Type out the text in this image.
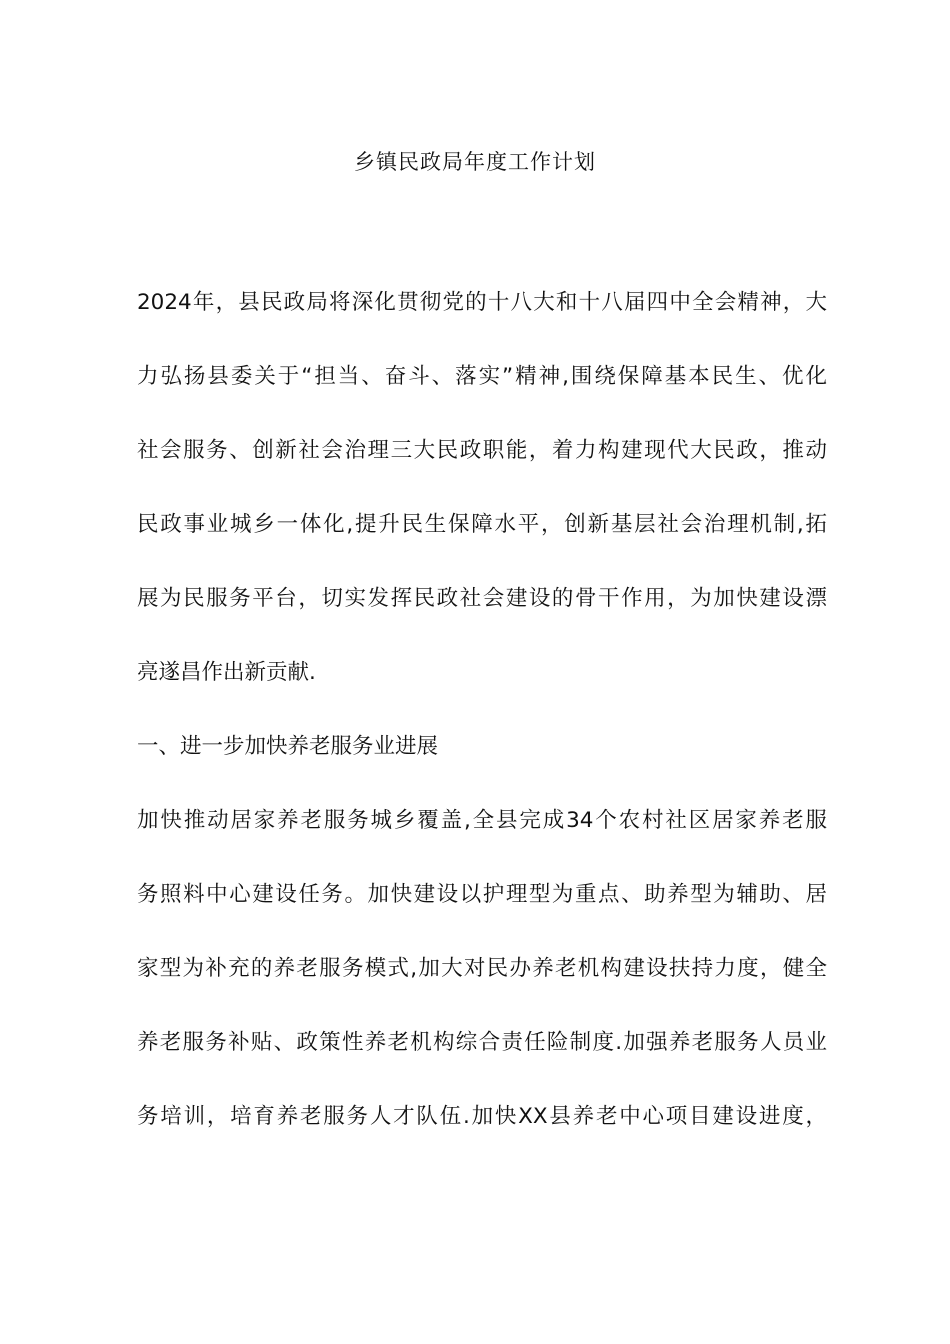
乡镇民政局年度工作计划
2024年，县民政局将深化贯彻党的十八大和十八届四中全会精神，大
力弘扬县委关于“担当、奋斗、落实”精神,围绕保障基本民生、优化
社会服务、创新社会治理三大民政职能，着力构建现代大民政，推动
民政事业城乡一体化,提升民生保障水平，创新基层社会治理机制,拓
展为民服务平台，切实发挥民政社会建设的骨干作用，为加快建设漂
亮遂昌作出新贡献.
一、进一步加快养老服务业进展
加快推动居家养老服务城乡覆盖,全县完成34个农村社区居家养老服
务照料中心建设任务。加快建设以护理型为重点、助养型为辅助、居
家型为补充的养老服务模式,加大对民办养老机构建设扶持力度，健全
养老服务补贴、政策性养老机构综合责任险制度.加强养老服务人员业
务培训，培育养老服务人才队伍.加快XX县养老中心项目建设进度，
